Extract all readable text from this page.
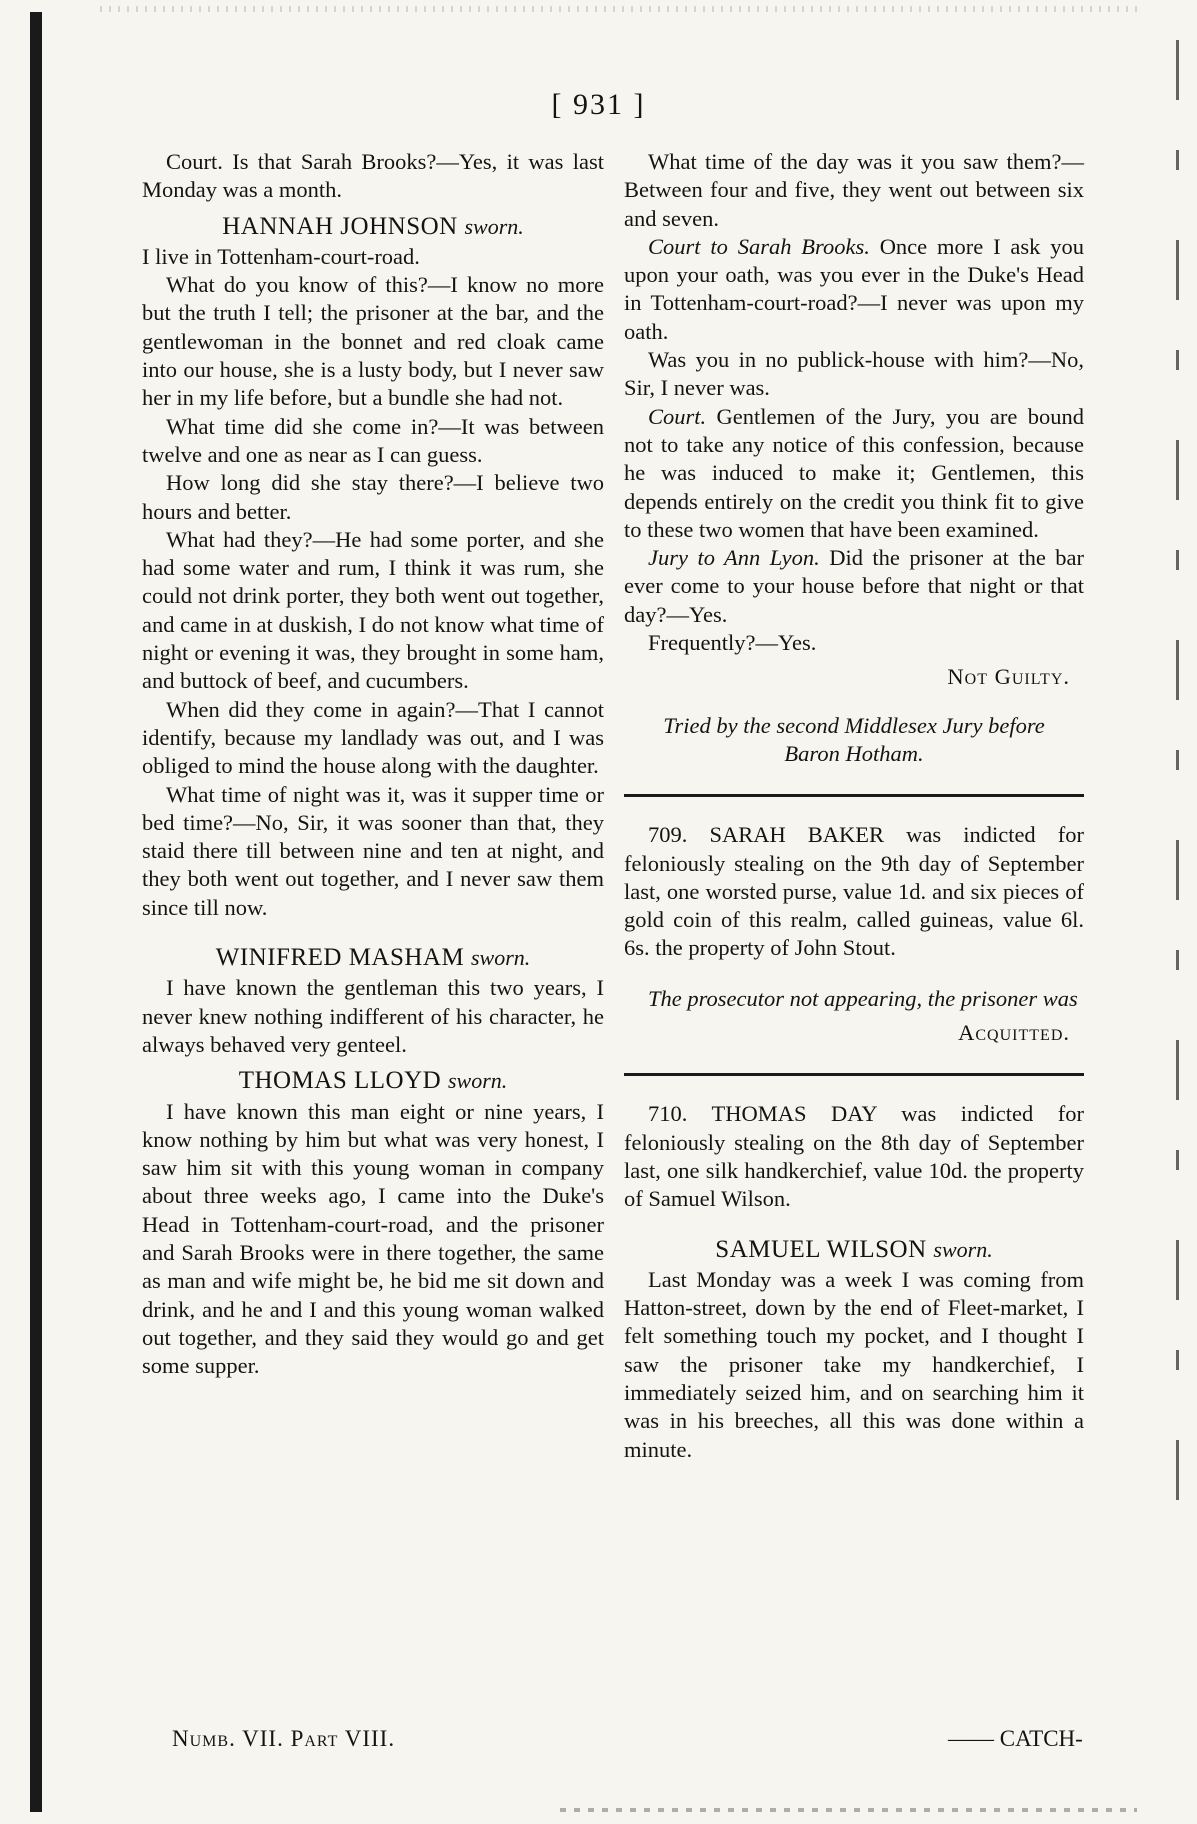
[ 931 ]

Court. Is that Sarah Brooks?—Yes, it was last Monday was a month.

HANNAH JOHNSON sworn.

I live in Tottenham-court-road.

What do you know of this?—I know no more but the truth I tell; the prisoner at the bar, and the gentlewoman in the bonnet and red cloak came into our house, she is a lusty body, but I never saw her in my life before, but a bundle she had not.

What time did she come in?—It was between twelve and one as near as I can guess.

How long did she stay there?—I believe two hours and better.

What had they?—He had some porter, and she had some water and rum, I think it was rum, she could not drink porter, they both went out together, and came in at duskish, I do not know what time of night or evening it was, they brought in some ham, and buttock of beef, and cucumbers.

When did they come in again?—That I cannot identify, because my landlady was out, and I was obliged to mind the house along with the daughter.

What time of night was it, was it supper time or bed time?—No, Sir, it was sooner than that, they staid there till between nine and ten at night, and they both went out together, and I never saw them since till now.

WINIFRED MASHAM sworn.

I have known the gentleman this two years, I never knew nothing indifferent of his character, he always behaved very genteel.

THOMAS LLOYD sworn.

I have known this man eight or nine years, I know nothing by him but what was very honest, I saw him sit with this young woman in company about three weeks ago, I came into the Duke's Head in Tottenham-court-road, and the prisoner and Sarah Brooks were in there together, the same as man and wife might be, he bid me sit down and drink, and he and I and this young woman walked out together, and they said they would go and get some supper.

What time of the day was it you saw them?—Between four and five, they went out between six and seven.

Court to Sarah Brooks. Once more I ask you upon your oath, was you ever in the Duke's Head in Tottenham-court-road?—I never was upon my oath.

Was you in no publick-house with him?—No, Sir, I never was.

Court. Gentlemen of the Jury, you are bound not to take any notice of this confession, because he was induced to make it; Gentlemen, this depends entirely on the credit you think fit to give to these two women that have been examined.

Jury to Ann Lyon. Did the prisoner at the bar ever come to your house before that night or that day?—Yes.

Frequently?—Yes.

Not Guilty.

Tried by the second Middlesex Jury before
Baron Hotham.

709. SARAH BAKER was indicted for feloniously stealing on the 9th day of September last, one worsted purse, value 1d. and six pieces of gold coin of this realm, called guineas, value 6l. 6s. the property of John Stout.

The prosecutor not appearing, the prisoner was

Acquitted.

710. THOMAS DAY was indicted for feloniously stealing on the 8th day of September last, one silk handkerchief, value 10d. the property of Samuel Wilson.

SAMUEL WILSON sworn.

Last Monday was a week I was coming from Hatton-street, down by the end of Fleet-market, I felt something touch my pocket, and I thought I saw the prisoner take my handkerchief, I immediately seized him, and on searching him it was in his breeches, all this was done within a minute.

Numb. VII. Part VIII.	—— CATCH-
